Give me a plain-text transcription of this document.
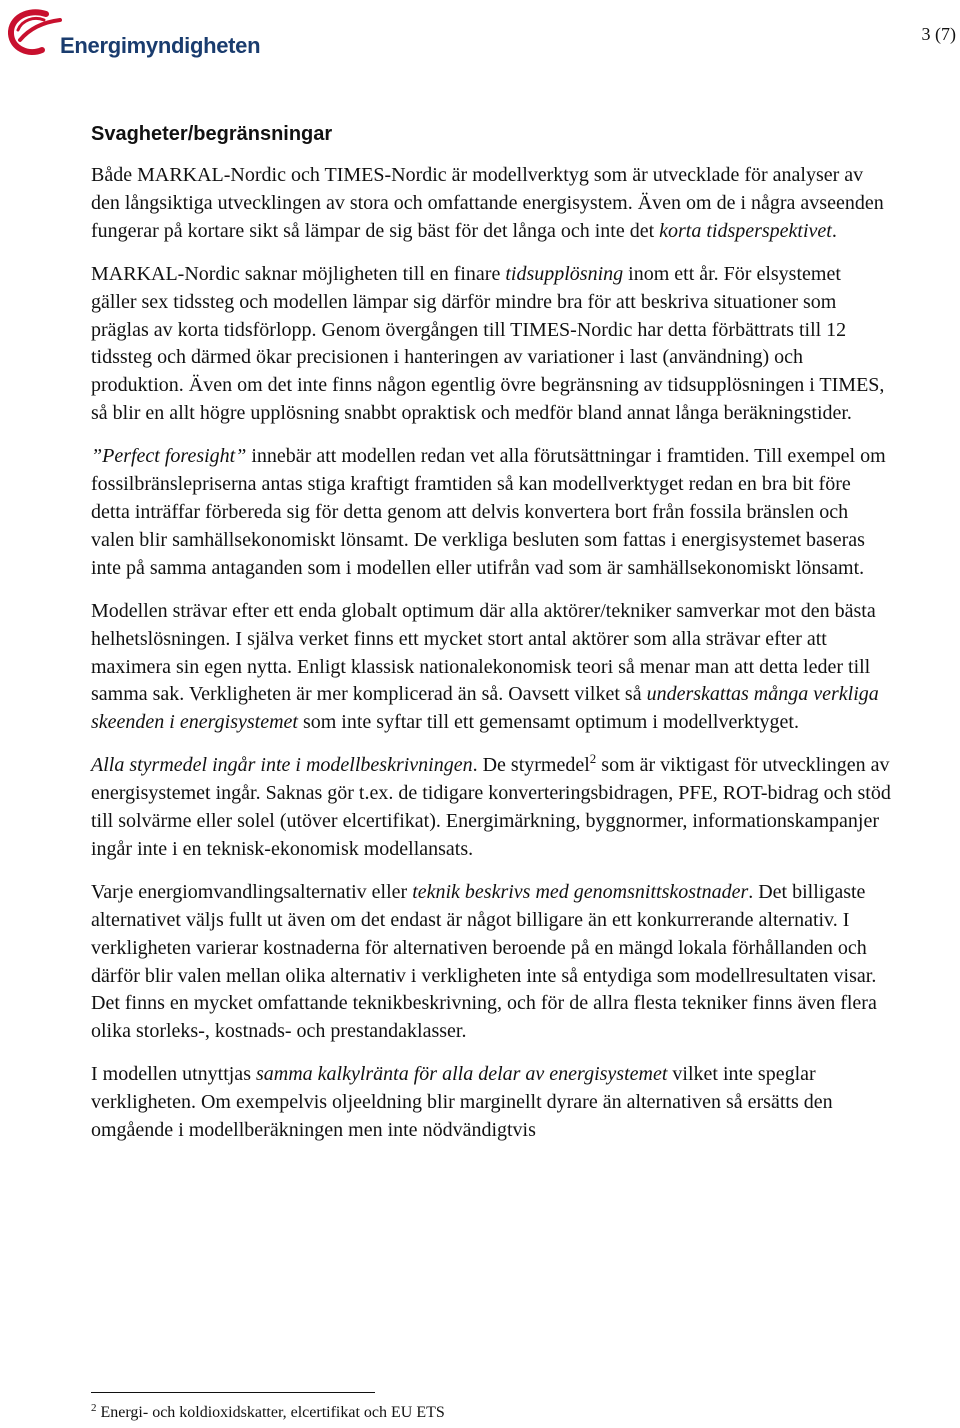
Energimyndigheten	3 (7)
Svagheter/begränsningar

Både MARKAL-Nordic och TIMES-Nordic är modellverktyg som är utvecklade för analyser av den långsiktiga utvecklingen av stora och omfattande energisystem. Även om de i några avseenden fungerar på kortare sikt så lämpar de sig bäst för det långa och inte det korta tidsperspektivet.

MARKAL-Nordic saknar möjligheten till en finare tidsupplösning inom ett år. För elsystemet gäller sex tidssteg och modellen lämpar sig därför mindre bra för att beskriva situationer som präglas av korta tidsförlopp. Genom övergången till TIMES-Nordic har detta förbättrats till 12 tidssteg och därmed ökar precisionen i hanteringen av variationer i last (användning) och produktion. Även om det inte finns någon egentlig övre begränsning av tidsupplösningen i TIMES, så blir en allt högre upplösning snabbt opraktisk och medför bland annat långa beräkningstider.

”Perfect foresight” innebär att modellen redan vet alla förutsättningar i framtiden. Till exempel om fossilbränslepriserna antas stiga kraftigt framtiden så kan modellverktyget redan en bra bit före detta inträffar förbereda sig för detta genom att delvis konvertera bort från fossila bränslen och valen blir samhällsekonomiskt lönsamt. De verkliga besluten som fattas i energisystemet baseras inte på samma antaganden som i modellen eller utifrån vad som är samhällsekonomiskt lönsamt.

Modellen strävar efter ett enda globalt optimum där alla aktörer/tekniker samverkar mot den bästa helhetslösningen. I själva verket finns ett mycket stort antal aktörer som alla strävar efter att maximera sin egen nytta. Enligt klassisk nationalekonomisk teori så menar man att detta leder till samma sak. Verkligheten är mer komplicerad än så. Oavsett vilket så underskattas många verkliga skeenden i energisystemet som inte syftar till ett gemensamt optimum i modellverktyget.

Alla styrmedel ingår inte i modellbeskrivningen. De styrmedel$^2$ som är viktigast för utvecklingen av energisystemet ingår. Saknas gör t.ex. de tidigare konverteringsbidragen, PFE, ROT-bidrag och stöd till solvärme eller solel (utöver elcertifikat). Energimärkning, byggnormer, informationskampanjer ingår inte i en teknisk-ekonomisk modellansats.

Varje energiomvandlingsalternativ eller teknik beskrivs med genomsnittskostnader. Det billigaste alternativet väljs fullt ut även om det endast är något billigare än ett konkurrerande alternativ. I verkligheten varierar kostnaderna för alternativen beroende på en mängd lokala förhållanden och därför blir valen mellan olika alternativ i verkligheten inte så entydiga som modellresultaten visar. Det finns en mycket omfattande teknikbeskrivning, och för de allra flesta tekniker finns även flera olika storleks-, kostnads- och prestandaklasser.

I modellen utnyttjas samma kalkylränta för alla delar av energisystemet vilket inte speglar verkligheten. Om exempelvis oljeeldning blir marginellt dyrare än alternativen så ersätts den omgående i modellberäkningen men inte nödvändigtvis

$^2$ Energi- och koldioxidskatter, elcertifikat och EU ETS
